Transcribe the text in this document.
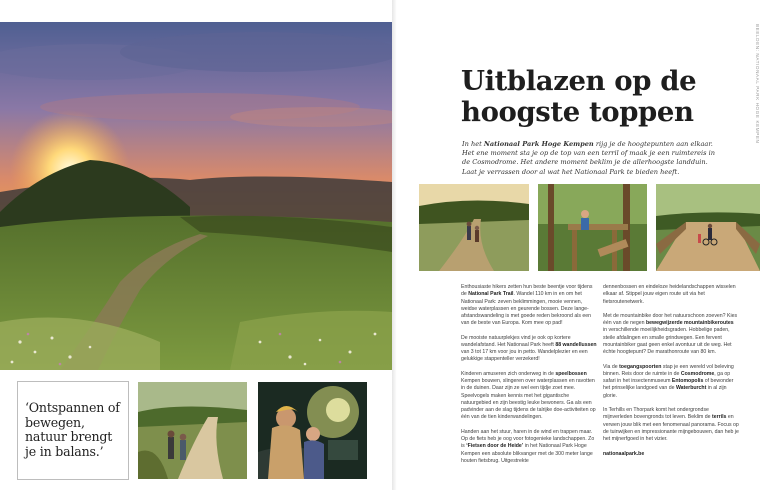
‘Ontspannen of bewegen, natuur brengt je in balans.’

BEELDEN: NATIONAAL PARK HOGE KEMPEN
Uitblazen op de
hoogste toppen

In het Nationaal Park Hoge Kempen rijg je de hoogtepunten aan elkaar. Het ene moment sta je op de top van een terril of maak je een ruimtereis in de Cosmodrome. Het andere moment beklim je de allerhoogste landduin. Laat je verrassen door al wat het Nationaal Park te bieden heeft.

Enthousiaste hikers zetten hun beste beentje voor tijdens de National Park Trail. Wandel 110 km in en om het Nationaal Park: zeven beklimmingen, mooie vennen, weidse waterplassen en geurende bossen. Deze lange-afstandswandeling is met goede reden bekroond als een van de beste van Europa. Kom mee op pad!

De mooiste natuurplekjes vind je ook op kortere wandelafstand. Het Nationaal Park heeft 88 wandellussen van 3 tot 17 km voor jou in petto. Wandelplezier en een gelukkige stappenteller verzekerd!

Kinderen amuseren zich onderweg in de speelbossen Kempen bouwen, slingeren over waterplassen en ravotten in de duinen. Daar zijn ze wel een tijdje zoet mee. Speelvogels maken kennis met het gigantische natuurgebied en zijn beestig leuke bewoners. Ga als een padvinder aan de slag tijdens de talrijke doe-activiteiten op één van de tien kinderwandelingen.

Handen aan het stuur, haren in de wind en trappen maar. Op de fiets heb je oog voor fotogenieke landschappen. Zo is ‘Fietsen door de Heide’ in het Nationaal Park Hoge Kempen een absolute blikvanger met de 300 meter lange houten fietsbrug. Uitgestrekte

dennenbossen en eindeloze heidelandschappen wisselen elkaar af. Stippel jouw eigen route uit via het fietsroutenetwerk.

Met de mountainbike door het natuurschoon zoeven? Kies één van de negen bewegwijzerde mountainbikeroutes in verschillende moeilijkheidsgraden. Hobbelige paden, steile afdalingen en smalle grindwegen. Een fervent mountainbiker gaat geen enkel avontuur uit de weg. Het échte hoogtepunt? De marathonroute van 80 km.

Via de toegangspoorten stap je een wereld vol beleving binnen. Reis door de ruimte in de Cosmodrome, ga op safari in het insectenmuseum Entomopolis of bewonder het prinselijke landgoed van de Waterburcht in al zijn glorie.

In Terhills en Thorpark komt het ondergrondse mijnverleden bovengronds tot leven. Beklim de terrils en verwen jouw blik met een fenomenaal panorama. Focus op de tuinwijken en impressionante mijngebouwen, dan heb je het mijnerfgoed in het vizier.

nationaalpark.be
